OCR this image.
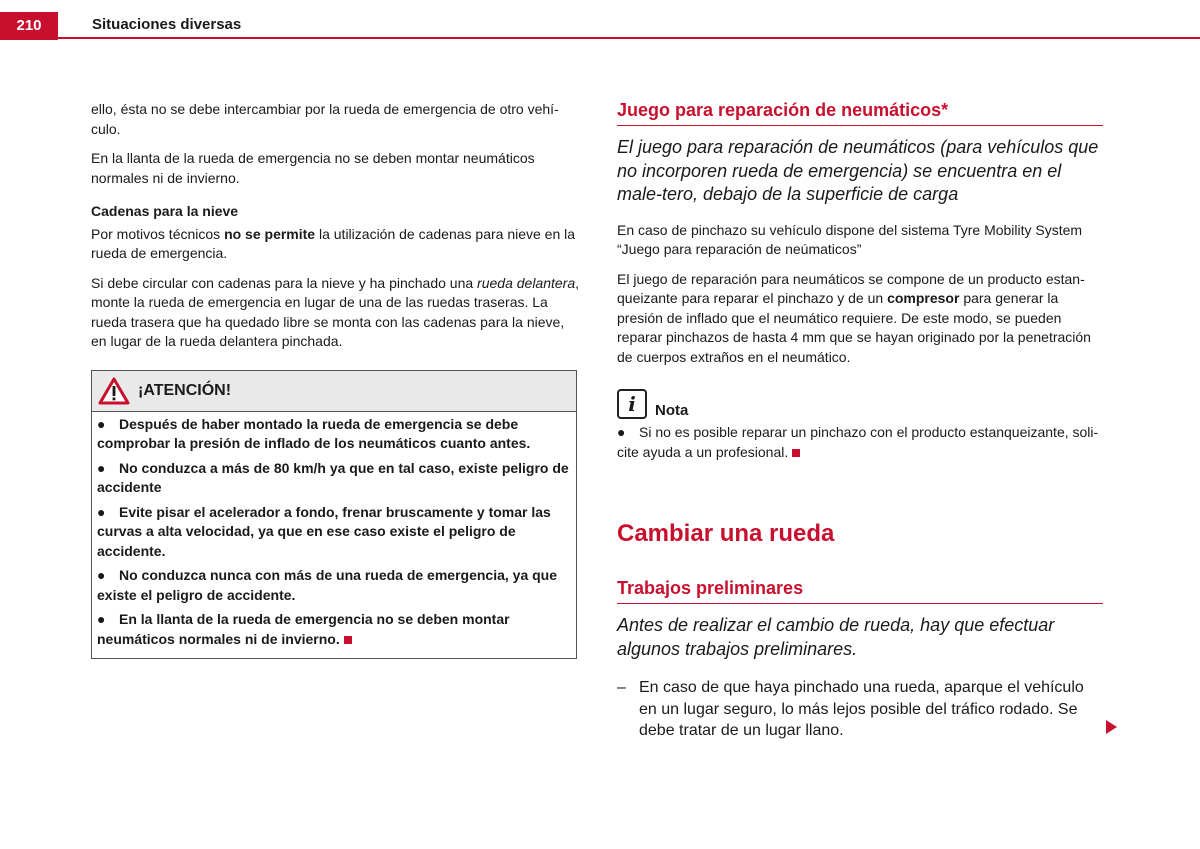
210	Situaciones diversas

ello, ésta no se debe intercambiar por la rueda de emergencia de otro vehí-culo.

En la llanta de la rueda de emergencia no se deben montar neumáticos normales ni de invierno.

Cadenas para la nieve

Por motivos técnicos no se permite la utilización de cadenas para nieve en la rueda de emergencia.

Si debe circular con cadenas para la nieve y ha pinchado una rueda delantera, monte la rueda de emergencia en lugar de una de las ruedas traseras. La rueda trasera que ha quedado libre se monta con las cadenas para la nieve, en lugar de la rueda delantera pinchada.

¡ATENCIÓN!
● Después de haber montado la rueda de emergencia se debe comprobar la presión de inflado de los neumáticos cuanto antes.
● No conduzca a más de 80 km/h ya que en tal caso, existe peligro de accidente
● Evite pisar el acelerador a fondo, frenar bruscamente y tomar las curvas a alta velocidad, ya que en ese caso existe el peligro de accidente.
● No conduzca nunca con más de una rueda de emergencia, ya que existe el peligro de accidente.
● En la llanta de la rueda de emergencia no se deben montar neumáticos normales ni de invierno.
Juego para reparación de neumáticos*

El juego para reparación de neumáticos (para vehículos que no incorporen rueda de emergencia) se encuentra en el male-tero, debajo de la superficie de carga

En caso de pinchazo su vehículo dispone del sistema Tyre Mobility System “Juego para reparación de neúmaticos”

El juego de reparación para neumáticos se compone de un producto estan-queizante para reparar el pinchazo y de un compresor para generar la presión de inflado que el neumático requiere. De este modo, se pueden reparar pinchazos de hasta 4 mm que se hayan originado por la penetración de cuerpos extraños en el neumático.

i	Nota

● Si no es posible reparar un pinchazo con el producto estanqueizante, soli-cite ayuda a un profesional.

Cambiar una rueda
Trabajos preliminares

Antes de realizar el cambio de rueda, hay que efectuar algunos trabajos preliminares.

– En caso de que haya pinchado una rueda, aparque el vehículo en un lugar seguro, lo más lejos posible del tráfico rodado. Se debe tratar de un lugar llano.
